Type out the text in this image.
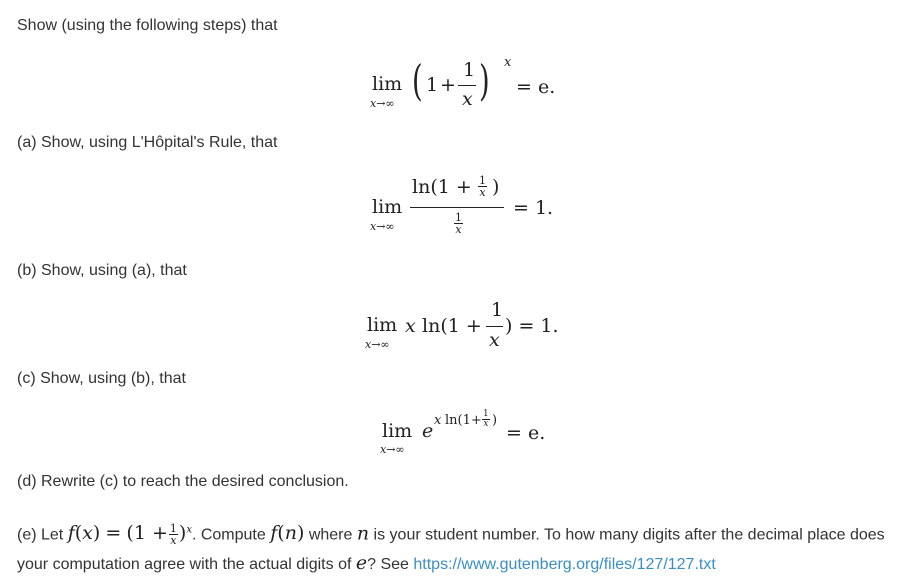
Show (using the following steps) that

lim
x→∞ ( 1 +
1
x ) x
= e.

(a) Show, using L'Hôpital's Rule, that

lim
x→∞
ln(1 + 1
x )
1
x
= 1.

(b) Show, using (a), that

lim
x→∞
x ln(1 +
1
x
) = 1.

(c) Show, using (b), that

lim
x→∞
e x ln(1+ 1
x )
= e.

(d) Rewrite (c) to reach the desired conclusion.

(e) Let $f(x) = (1 + \frac{1}{x} )^x$. Compute f(n) where n is your student number. To how many digits after the decimal place does your computation agree with the actual digits of e? See https://www.gutenberg.org/files/127/127.txt
